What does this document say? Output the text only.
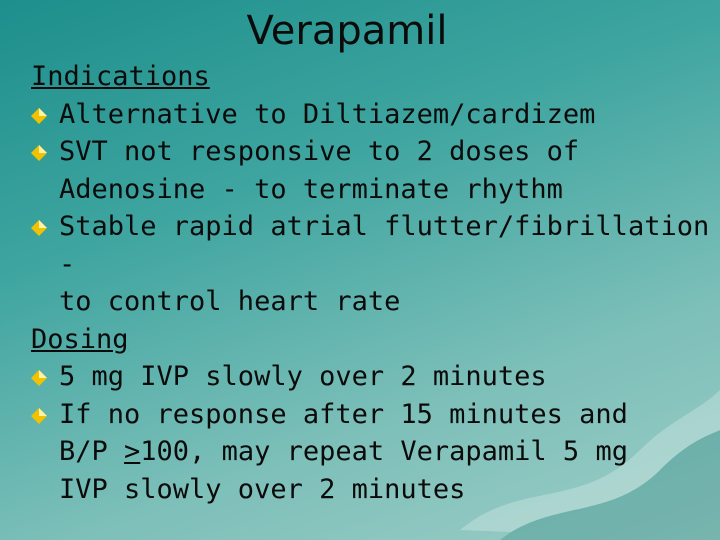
Verapamil
Indications
Alternative to Diltiazem/cardizem
SVT not responsive to 2 doses of
Adenosine - to terminate rhythm
Stable rapid atrial flutter/fibrillation -
to control heart rate
Dosing
5 mg IVP slowly over 2 minutes
If no response after 15 minutes and
B/P ≥100, may repeat Verapamil 5 mg
IVP slowly over 2 minutes
